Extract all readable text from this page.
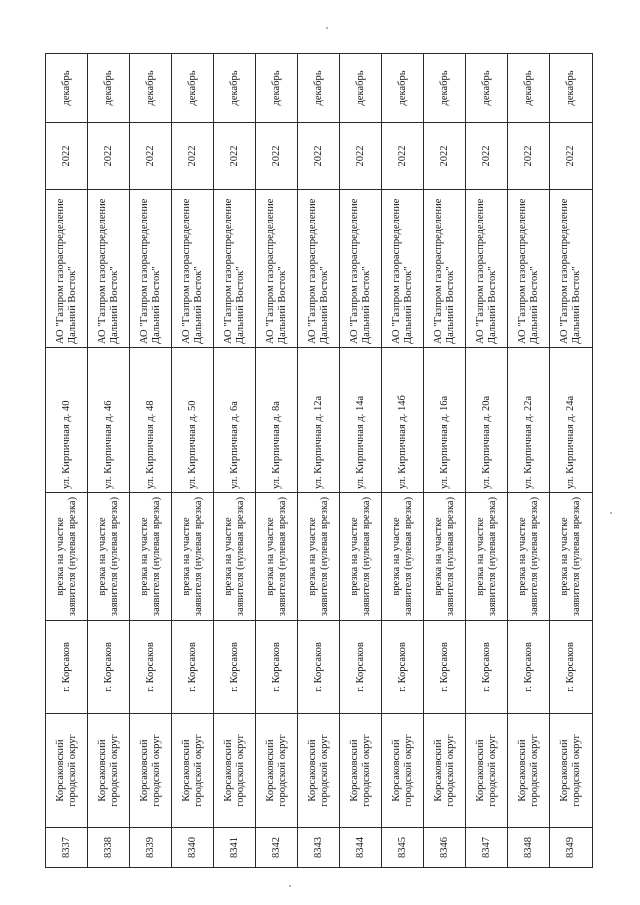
8337	Корсаковский городской округ	г. Корсаков	врезка на участке заявителя (нулевая врезка)	ул. Кирпичная д. 40	АО "Газпром газораспределение Дальний Восток"	2022	декабрь
8338	Корсаковский городской округ	г. Корсаков	врезка на участке заявителя (нулевая врезка)	ул. Кирпичная д. 46	АО "Газпром газораспределение Дальний Восток"	2022	декабрь
8339	Корсаковский городской округ	г. Корсаков	врезка на участке заявителя (нулевая врезка)	ул. Кирпичная д. 48	АО "Газпром газораспределение Дальний Восток"	2022	декабрь
8340	Корсаковский городской округ	г. Корсаков	врезка на участке заявителя (нулевая врезка)	ул. Кирпичная д. 50	АО "Газпром газораспределение Дальний Восток"	2022	декабрь
8341	Корсаковский городской округ	г. Корсаков	врезка на участке заявителя (нулевая врезка)	ул. Кирпичная д. 6а	АО "Газпром газораспределение Дальний Восток"	2022	декабрь
8342	Корсаковский городской округ	г. Корсаков	врезка на участке заявителя (нулевая врезка)	ул. Кирпичная д. 8а	АО "Газпром газораспределение Дальний Восток"	2022	декабрь
8343	Корсаковский городской округ	г. Корсаков	врезка на участке заявителя (нулевая врезка)	ул. Кирпичная д. 12а	АО "Газпром газораспределение Дальний Восток"	2022	декабрь
8344	Корсаковский городской округ	г. Корсаков	врезка на участке заявителя (нулевая врезка)	ул. Кирпичная д. 14а	АО "Газпром газораспределение Дальний Восток"	2022	декабрь
8345	Корсаковский городской округ	г. Корсаков	врезка на участке заявителя (нулевая врезка)	ул. Кирпичная д. 14б	АО "Газпром газораспределение Дальний Восток"	2022	декабрь
8346	Корсаковский городской округ	г. Корсаков	врезка на участке заявителя (нулевая врезка)	ул. Кирпичная д. 16а	АО "Газпром газораспределение Дальний Восток"	2022	декабрь
8347	Корсаковский городской округ	г. Корсаков	врезка на участке заявителя (нулевая врезка)	ул. Кирпичная д. 20а	АО "Газпром газораспределение Дальний Восток"	2022	декабрь
8348	Корсаковский городской округ	г. Корсаков	врезка на участке заявителя (нулевая врезка)	ул. Кирпичная д. 22а	АО "Газпром газораспределение Дальний Восток"	2022	декабрь
8349	Корсаковский городской округ	г. Корсаков	врезка на участке заявителя (нулевая врезка)	ул. Кирпичная д. 24а	АО "Газпром газораспределение Дальний Восток"	2022	декабрь
